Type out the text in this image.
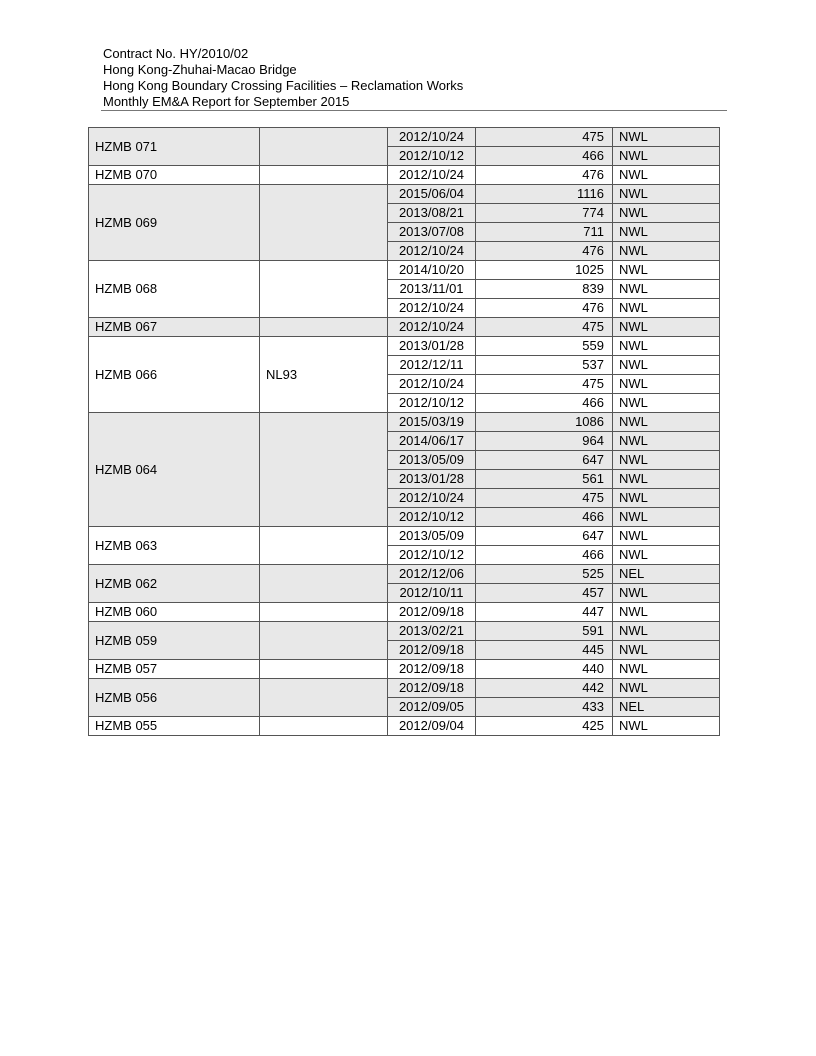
Contract No. HY/2010/02
Hong Kong-Zhuhai-Macao Bridge
Hong Kong Boundary Crossing Facilities – Reclamation Works
Monthly EM&A Report for September 2015
HZMB 071		2012/10/24	475	NWL
		2012/10/12	466	NWL
HZMB 070		2012/10/24	476	NWL
HZMB 069		2015/06/04	1116	NWL
		2013/08/21	774	NWL
		2013/07/08	711	NWL
		2012/10/24	476	NWL
HZMB 068		2014/10/20	1025	NWL
		2013/11/01	839	NWL
		2012/10/24	476	NWL
HZMB 067		2012/10/24	475	NWL
HZMB 066	NL93	2013/01/28	559	NWL
		2012/12/11	537	NWL
		2012/10/24	475	NWL
		2012/10/12	466	NWL
HZMB 064		2015/03/19	1086	NWL
		2014/06/17	964	NWL
		2013/05/09	647	NWL
		2013/01/28	561	NWL
		2012/10/24	475	NWL
		2012/10/12	466	NWL
HZMB 063		2013/05/09	647	NWL
		2012/10/12	466	NWL
HZMB 062		2012/12/06	525	NEL
		2012/10/11	457	NWL
HZMB 060		2012/09/18	447	NWL
HZMB 059		2013/02/21	591	NWL
		2012/09/18	445	NWL
HZMB 057		2012/09/18	440	NWL
HZMB 056		2012/09/18	442	NWL
		2012/09/05	433	NEL
HZMB 055		2012/09/04	425	NWL
